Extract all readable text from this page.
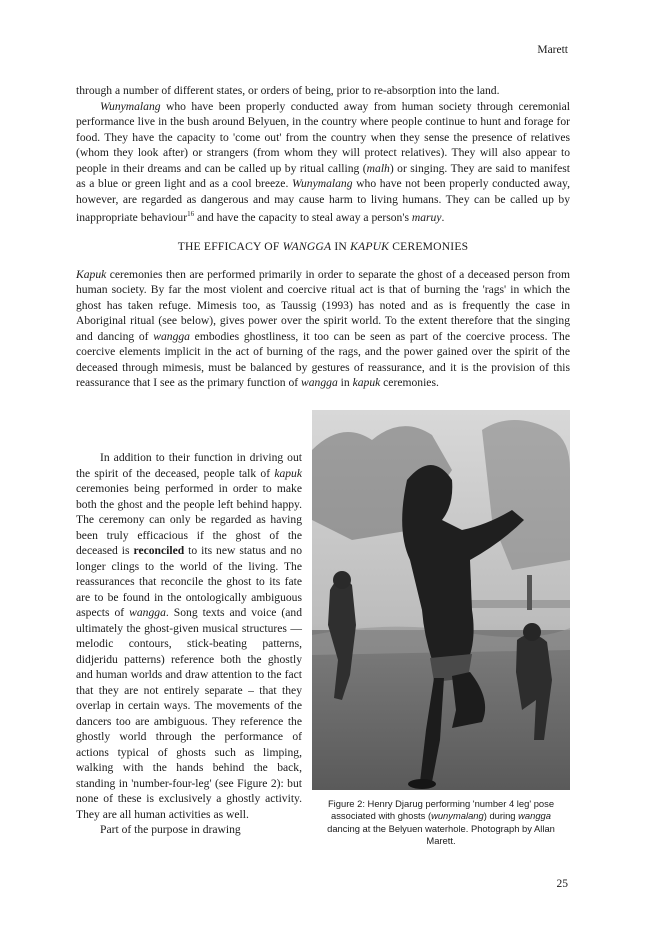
Marett

through a number of different states, or orders of being, prior to re-absorption into the land.

Wunymalang who have been properly conducted away from human society through ceremonial performance live in the bush around Belyuen, in the country where people continue to hunt and forage for food. They have the capacity to 'come out' from the country when they sense the presence of relatives (whom they look after) or strangers (from whom they will protect relatives). They will also appear to people in their dreams and can be called up by ritual calling (malh) or singing. They are said to manifest as a blue or green light and as a cool breeze. Wunymalang who have not been properly conducted away, however, are regarded as dangerous and may cause harm to living humans. They can be called up by inappropriate behaviour$^{16}$ and have the capacity to steal away a person's maruy.

THE EFFICACY OF WANGGA IN KAPUK CEREMONIES

Kapuk ceremonies then are performed primarily in order to separate the ghost of a deceased person from human society. By far the most violent and coercive ritual act is that of burning the 'rags' in which the ghost has taken refuge. Mimesis too, as Taussig (1993) has noted and as is frequently the case in Aboriginal ritual (see below), gives power over the spirit world. To the extent therefore that the singing and dancing of wangga embodies ghostliness, it too can be seen as part of the coercive process. The coercive elements implicit in the act of burning of the rags, and the power gained over the spirit of the deceased through mimesis, must be balanced by gestures of reassurance, and it is the provision of this reassurance that I see as the primary function of wangga in kapuk ceremonies.

In addition to their function in driving out the spirit of the deceased, people talk of kapuk ceremonies being performed in order to make both the ghost and the people left behind happy. The ceremony can only be regarded as having been truly efficacious if the ghost of the deceased is reconciled to its new status and no longer clings to the world of the living. The reassurances that reconcile the ghost to its fate are to be found in the ontologically ambiguous aspects of wangga. Song texts and voice (and ultimately the ghost-given musical structures — melodic contours, stick-beating patterns, didjeridu patterns) reference both the ghostly and human worlds and draw attention to the fact that they are not entirely separate – that they overlap in certain ways. The movements of the dancers too are ambiguous. They reference the ghostly world through the performance of actions typical of ghosts such as limping, walking with the hands behind the back, standing in 'number-four-leg' (see Figure 2): but none of these is exclusively a ghostly activity. They are all human activities as well.

Part of the purpose in drawing

Figure 2: Henry Djarug performing 'number 4 leg' pose associated with ghosts (wunymalang) during wangga dancing at the Belyuen waterhole. Photograph by Allan Marett.
25
